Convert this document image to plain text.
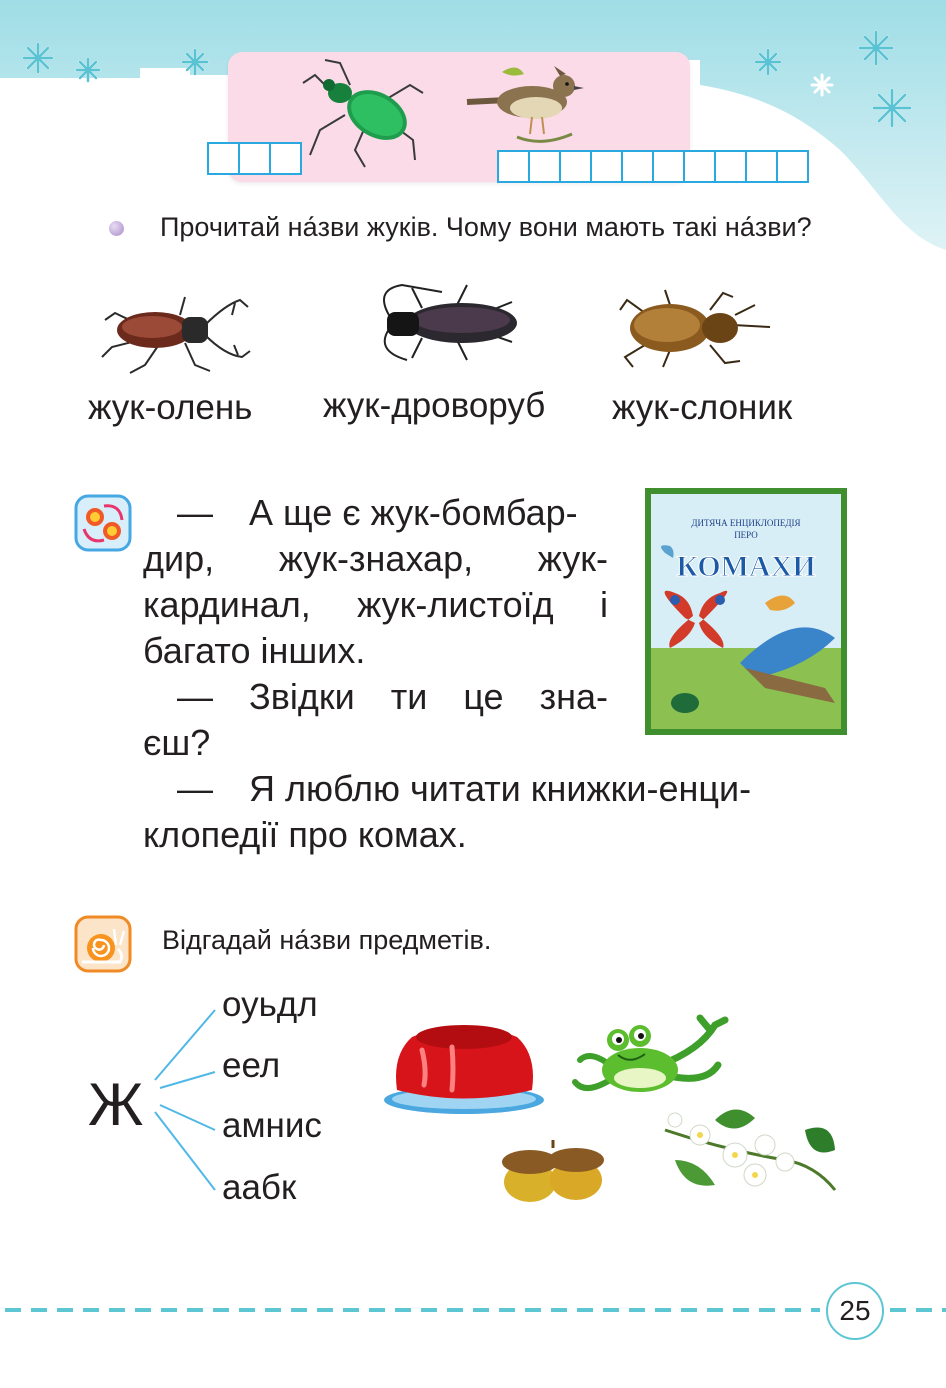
Прочитай на́зви жуків. Чому вони мають такі на́зви?
жук-олень жук-дроворуб жук-слоник
— А ще є жук-бомбар-
дир, жук-знахар, жук-
кардинал, жук-листоїд і
багато інших.
— Звідки ти це зна-
єш?
— Я люблю читати книжки-енци-
клопедії про комах.
ДИТЯЧА ЕНЦИКЛОПЕДІЯ
ПЕРО
КОМАХИ
Відгадай на́зви предметів.
Ж
оуьдл
еел
амнис
аабк
25
